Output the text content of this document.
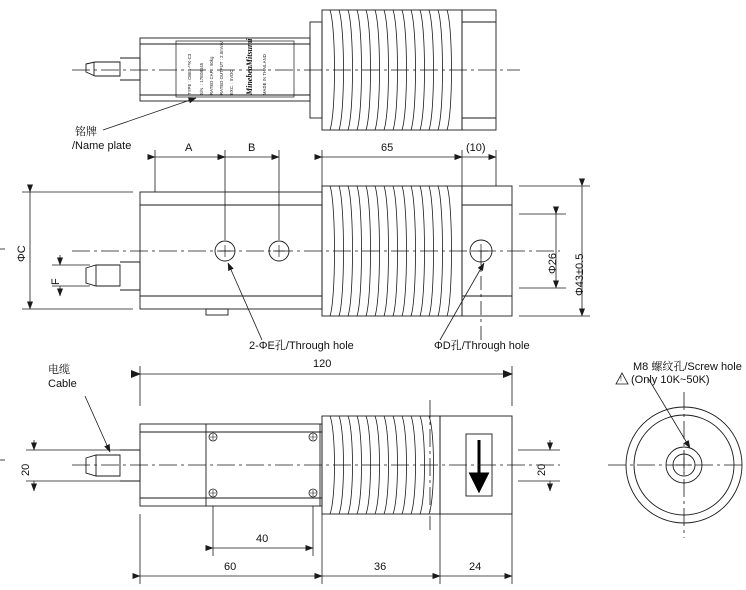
TYPE : CBE1-**K-C3 S/N  : 17E08145 RATED CAP. : 50kg RATED OUTPUT : 2.0mV/V EXC. : 5VDC	MADE IN THAILAND
MinebeaMitsumi
铭牌
/Name plate	A	B	65	(10)
ΦC
F
Φ26 Φ43±0.5
2-ΦE孔/Through hole	ΦD孔/Through hole
电缆
Cable
120
20	20
40
60	36	24
M8 螺纹孔/Screw hole
(Only 10K~50K)
!
